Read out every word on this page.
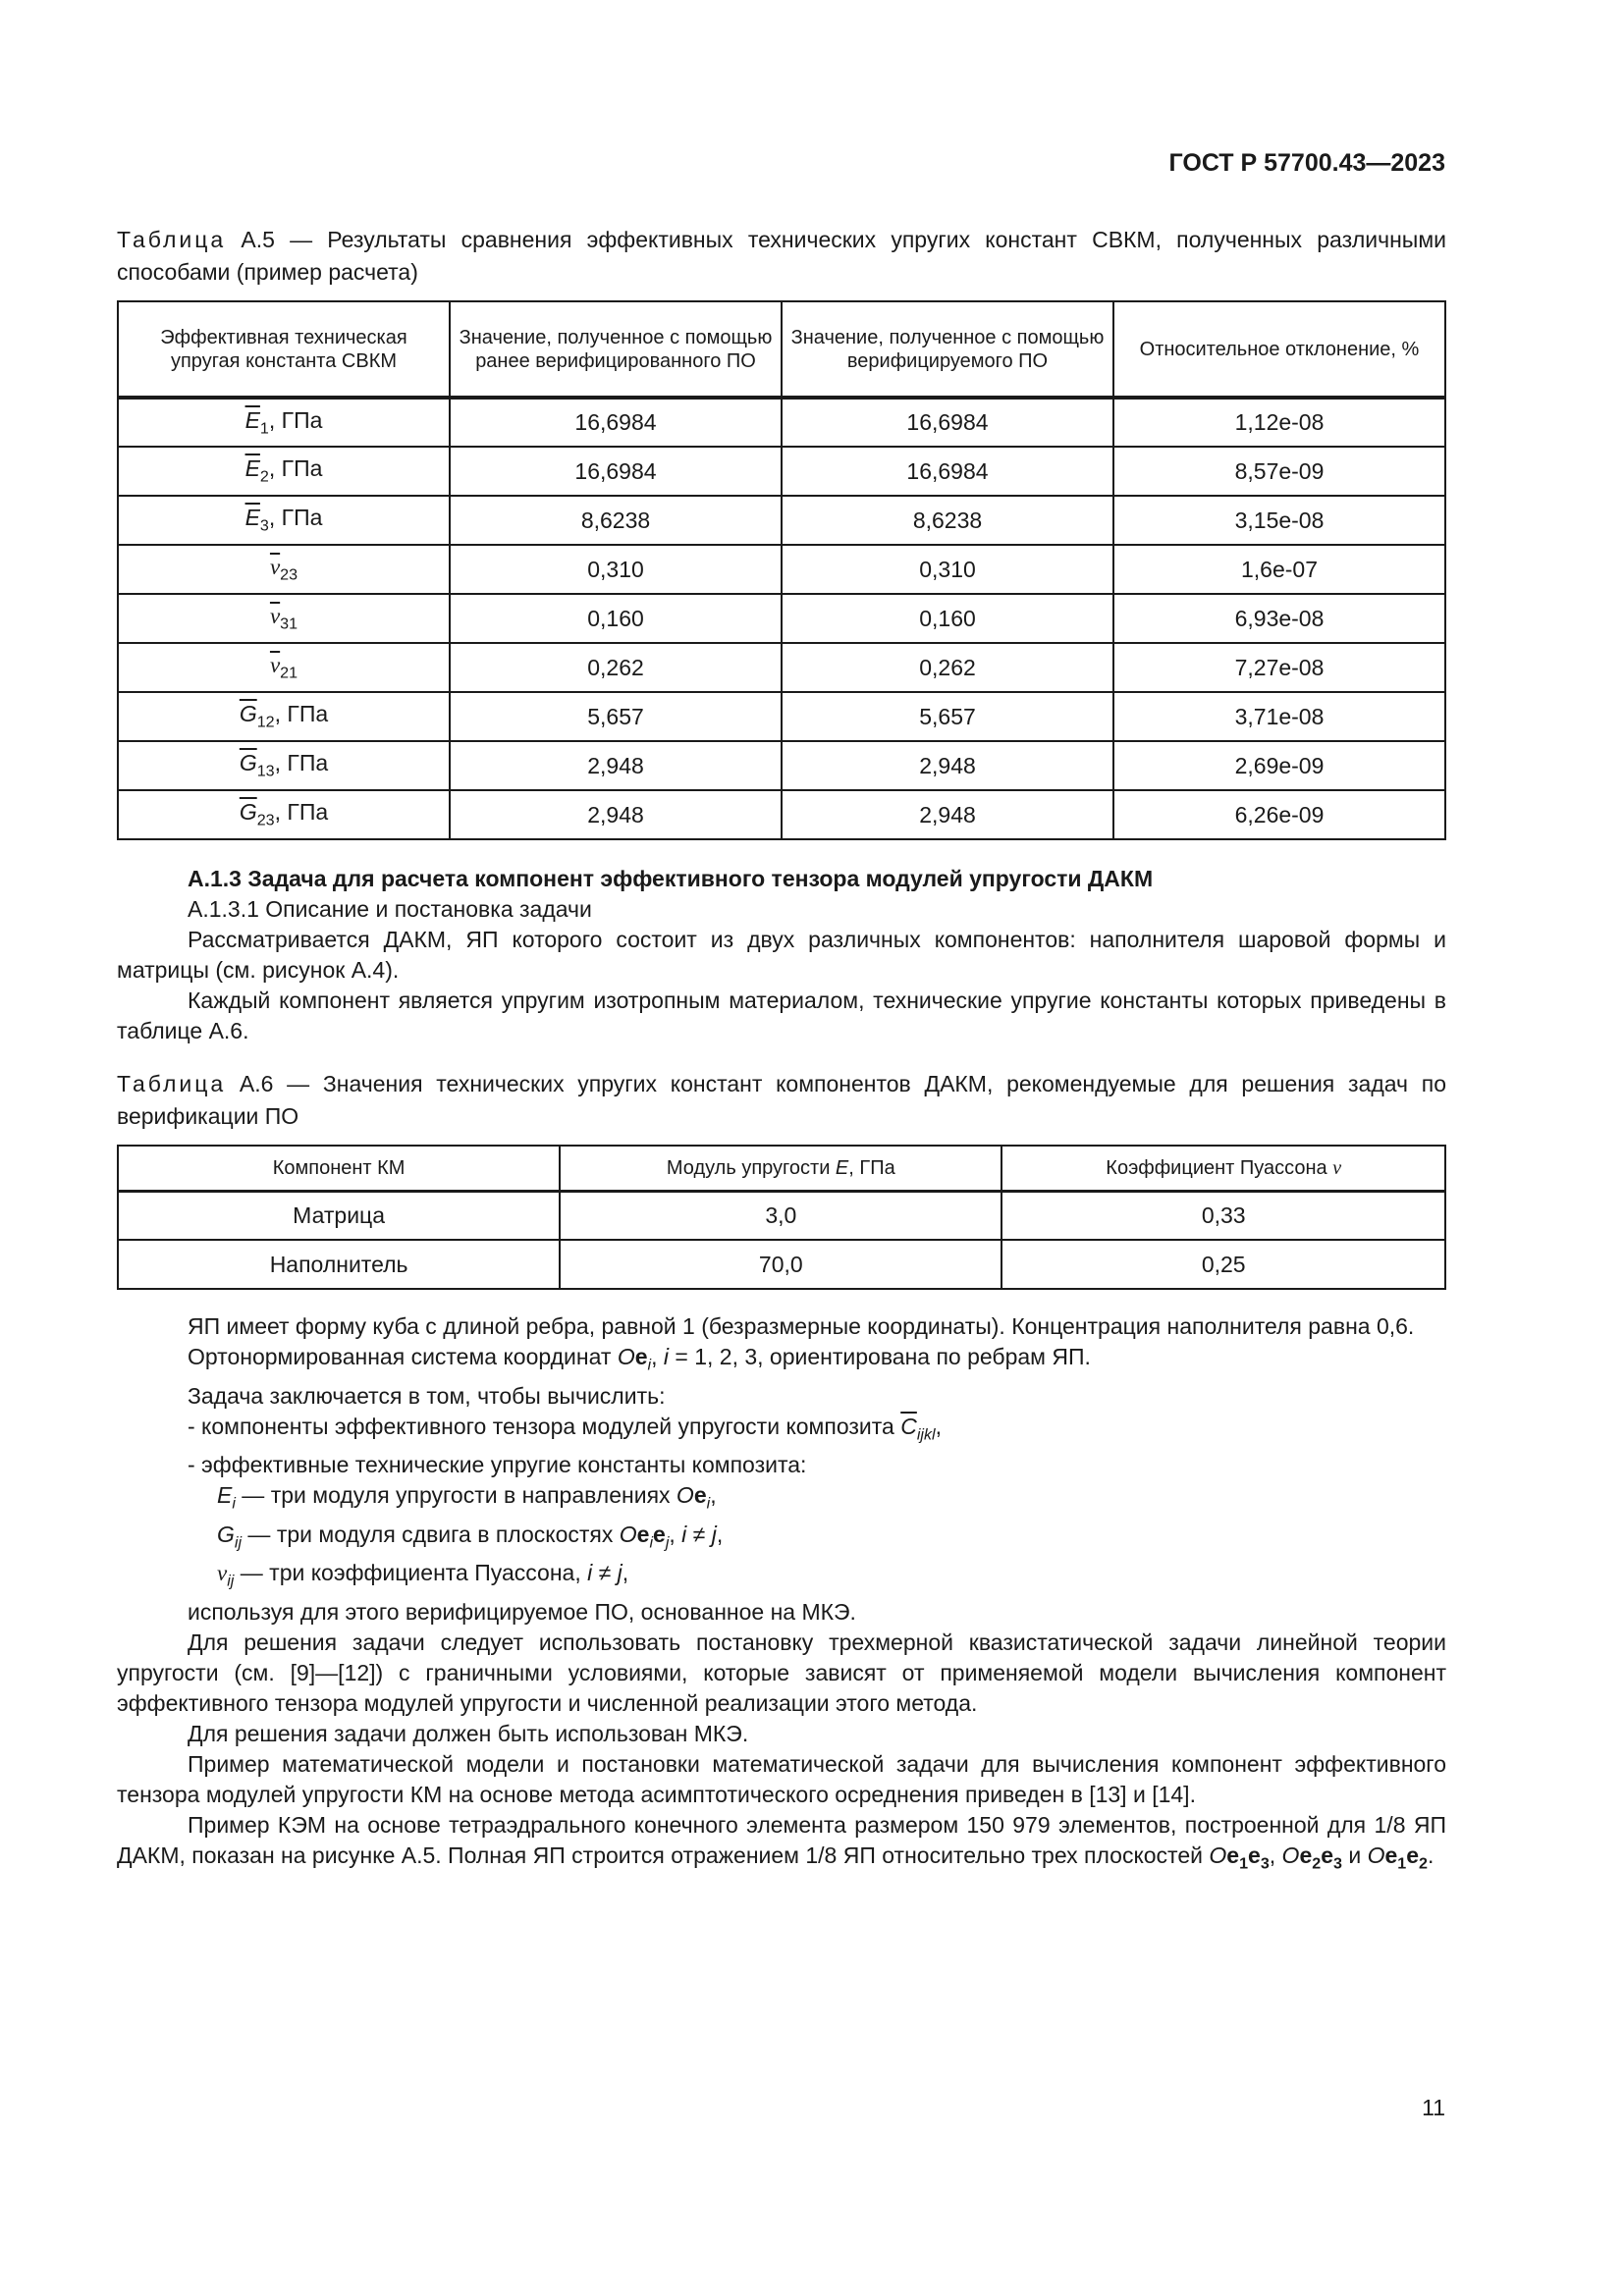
ГОСТ Р 57700.43—2023
Таблица А.5 — Результаты сравнения эффективных технических упругих констант СВКМ, полученных различными способами (пример расчета)
Эффективная техническая упругая константа СВКМ	Значение, полученное с помощью ранее верифицированного ПО	Значение, полученное с помощью верифицируемого ПО	Относительное отклонение, %
$\overline{E}_1$, ГПа	16,6984	16,6984	1,12е-08
$\overline{E}_2$, ГПа	16,6984	16,6984	8,57е-09
$\overline{E}_3$, ГПа	8,6238	8,6238	3,15е-08
$\overline{\nu}_{23}$	0,310	0,310	1,6е-07
$\overline{\nu}_{31}$	0,160	0,160	6,93е-08
$\overline{\nu}_{21}$	0,262	0,262	7,27е-08
$\overline{G}_{12}$, ГПа	5,657	5,657	3,71е-08
$\overline{G}_{13}$, ГПа	2,948	2,948	2,69е-09
$\overline{G}_{23}$, ГПа	2,948	2,948	6,26е-09

А.1.3 Задача для расчета компонент эффективного тензора модулей упругости ДАКМ

А.1.3.1 Описание и постановка задачи

Рассматривается ДАКМ, ЯП которого состоит из двух различных компонентов: наполнителя шаровой формы и матрицы (см. рисунок А.4).

Каждый компонент является упругим изотропным материалом, технические упругие константы которых приведены в таблице А.6.

Таблица А.6 — Значения технических упругих констант компонентов ДАКМ, рекомендуемые для решения задач по верификации ПО
Компонент КМ	Модуль упругости E, ГПа	Коэффициент Пуассона ν
Матрица	3,0	0,33
Наполнитель	70,0	0,25

ЯП имеет форму куба с длиной ребра, равной 1 (безразмерные координаты). Концентрация наполнителя равна 0,6.

Ортонормированная система координат $Oe_i$, i = 1, 2, 3, ориентирована по ребрам ЯП.

Задача заключается в том, чтобы вычислить:

- компоненты эффективного тензора модулей упругости композита $\overline{C}_{ijkl}$,

- эффективные технические упругие константы композита:

$E_i$ — три модуля упругости в направлениях $Oe_i$,

$G_{ij}$ — три модуля сдвига в плоскостях $Oe_ie_j$, i ≠ j,

$\nu_{ij}$ — три коэффициента Пуассона, i ≠ j,

используя для этого верифицируемое ПО, основанное на МКЭ.

Для решения задачи следует использовать постановку трехмерной квазистатической задачи линейной теории упругости (см. [9]—[12]) с граничными условиями, которые зависят от применяемой модели вычисления компонент эффективного тензора модулей упругости и численной реализации этого метода.

Для решения задачи должен быть использован МКЭ.

Пример математической модели и постановки математической задачи для вычисления компонент эффективного тензора модулей упругости КМ на основе метода асимптотического осреднения приведен в [13] и [14].

Пример КЭМ на основе тетраэдрального конечного элемента размером 150 979 элементов, построенной для 1/8 ЯП ДАКМ, показан на рисунке А.5. Полная ЯП строится отражением 1/8 ЯП относительно трех плоскостей $Oe_1e_3$, $Oe_2e_3$ и $Oe_1e_2$.

11
